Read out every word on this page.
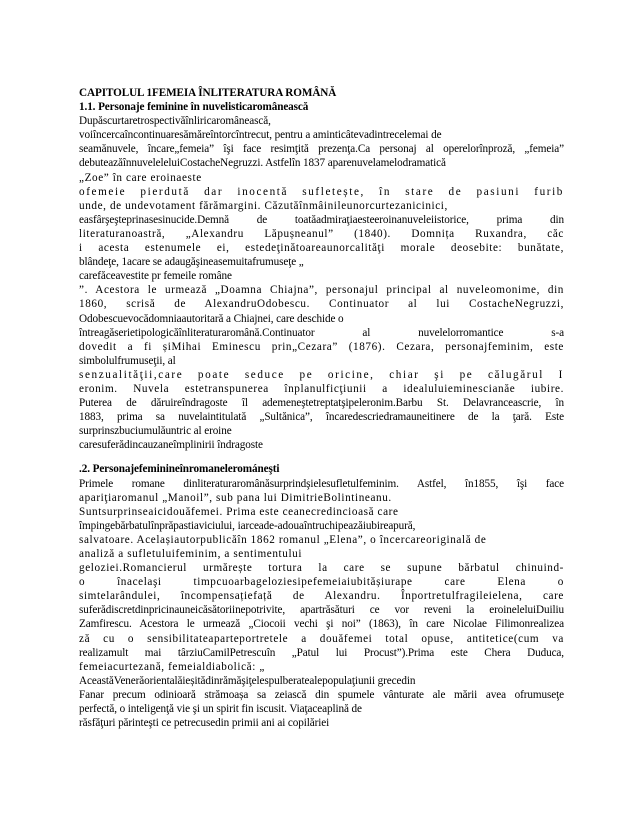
CAPITOLUL 1FEMEIA ÎNLITERATURA ROMÂNĂ
1.1. Personaje feminine în nuvelisticaromânească
Dupăscurtaretrospectivăînliricaromânească,
voiîncercaîncontinuaresămăreîntorcîntrecut, pentru a aminticâtevadintrecelemai de
seamănuvele, încare„femeia” îşi face resimţită prezenţa.Ca personaj al operelorînproză, „femeia”
debuteazăînnuveleleluiCostacheNegruzzi. Astfelîn 1837 aparenuvelamelodramatică
„Zoe” în care eroinaeste
ofemeie pierdută dar inocentă sufletește, în stare de pasiuni furib
unde, de undevotament fărămargini. Căzutăînmâinileunorcurtezanicinici,
easfârşeşteprinasesinucide.Demnă de toatăadmiraţiaesteeroinanuveleiistorice, prima din
literaturanoastră, „Alexandru Lăpușneanul” (1840). Domnița Ruxandra, căc
i acesta estenumele ei, estedeţinătoareaunorcalităţi morale deosebite: bunătate,
blândeţe, 1acare se adaugăşineasemuitafrumuseţe „
carefăceavestite pr femeile române
”. Acestora le urmează „Doamna Chiajna”, personajul principal al nuveleomonime, din
1860, scrisă de AlexandruOdobescu. Continuator al lui CostacheNegruzzi,
Odobescuevocădomniaautoritară a Chiajnei, care deschide o
întreagăserietipologicăînliteraturaromână.Continuator al nuvelelorromantice s-a
dovedit a fi șiMihai Eminescu prin„Cezara” (1876). Cezara, personajfeminim, este
simbolulfrumuseţii, al
senzualităţii,care poate seduce pe oricine, chiar şi pe călugărul I
eronim. Nuvela estetranspunerea înplanulficţiunii a idealuluieminescianăe iubire.
Puterea de dăruireîndragoste îl ademeneştetreptatşipeleronim.Barbu St. Delavranceascrie, în
1883, prima sa nuvelaintitulată „Sultănica”, încaredescriedramauneitinere de la ţară. Este
surprinszbuciumulăuntric al eroine
caresuferădincauzaneîmplinirii îndragoste
.2. Personajefeminineînromanelerománeşti
Primele romane dinliteraturaromânăsurprindşielesufletulfeminim. Astfel, în1855, îşi face
apariţiaromanul „Manoil”, sub pana lui DimitrieBolintineanu.
Suntsurprinseaicidouăfemei. Prima este ceanecredincioasă care
împingebărbatulînprăpastiaviciului, iarceade-adouaîntruchipeazăiubireapură,
salvatoare. Acelașiautorpublicăîn 1862 romanul „Elena”, o încercareoriginală de
analiză a sufletuluifeminim, a sentimentului
geloziei.Romancierul urmărește tortura la care se supune bărbatul chinuind-
o înacelaşi timpcuoarbageloziesipefemeiaiubitășiurape care Elena o
simtelarândulei, încompensațiefață de Alexandru. Înportretulfragileielena, care
suferădiscretdinpricinauneicăsătoriinepotrivite, apartrăsături ce vor reveni la eroineleluiDuiliu
Zamfirescu. Acestora le urmează „Ciocoii vechi şi noi” (1863), în care Nicolae Filimonrealizea
ză cu o sensibilitateaparteportretele a douăfemei total opuse, antitetice(cum va
realizamult mai târziuCamilPetrescuîn „Patul lui Procust”).Prima este Chera Duduca,
femeiacurtezană, femeialdiabolică: „
AceastăVenerăorientalăieșitădinrămăşiţelespulberatealepopulaţiunii grecedin
Fanar precum odinioară strămoașa sa zeiască din spumele vânturate ale mării avea ofrumuseţe
perfectă, o inteligenţă vie şi un spirit fin iscusit. Viaţaceaplină de
răsfăţuri părinteşti ce petrecusedin primii ani ai copilăriei
